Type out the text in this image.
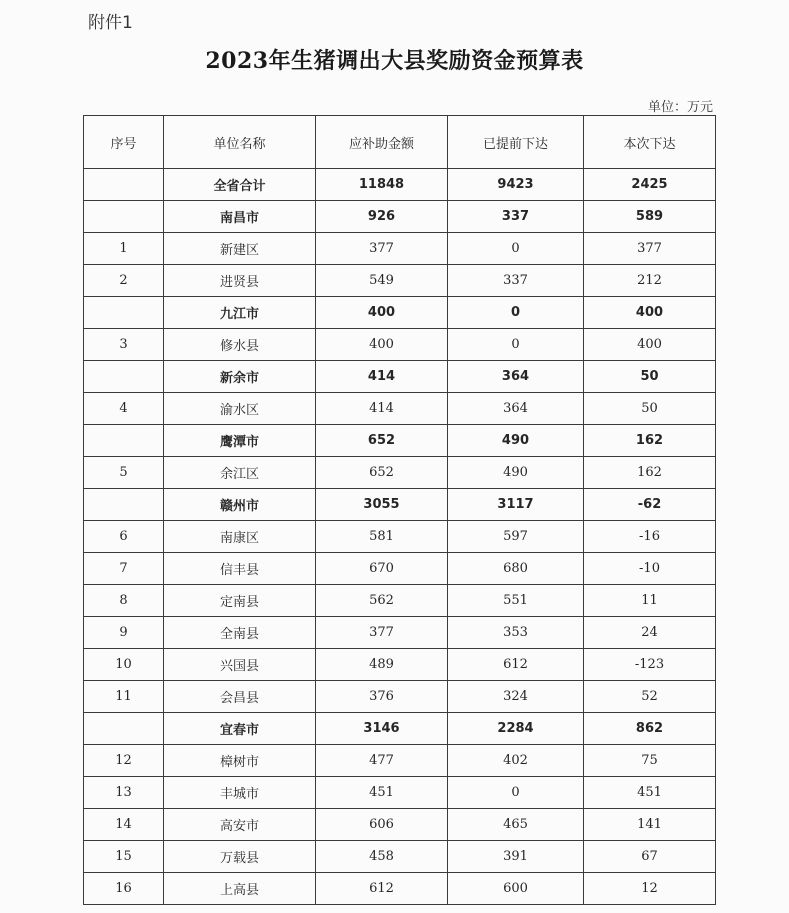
附件1
2023年生猪调出大县奖励资金预算表
单位：万元
序号	单位名称	应补助金额	已提前下达	本次下达
	全省合计	11848	9423	2425
	南昌市	926	337	589
1	新建区	377	0	377
2	进贤县	549	337	212
	九江市	400	0	400
3	修水县	400	0	400
	新余市	414	364	50
4	渝水区	414	364	50
	鹰潭市	652	490	162
5	余江区	652	490	162
	赣州市	3055	3117	-62
6	南康区	581	597	-16
7	信丰县	670	680	-10
8	定南县	562	551	11
9	全南县	377	353	24
10	兴国县	489	612	-123
11	会昌县	376	324	52
	宜春市	3146	2284	862
12	樟树市	477	402	75
13	丰城市	451	0	451
14	高安市	606	465	141
15	万载县	458	391	67
16	上高县	612	600	12
